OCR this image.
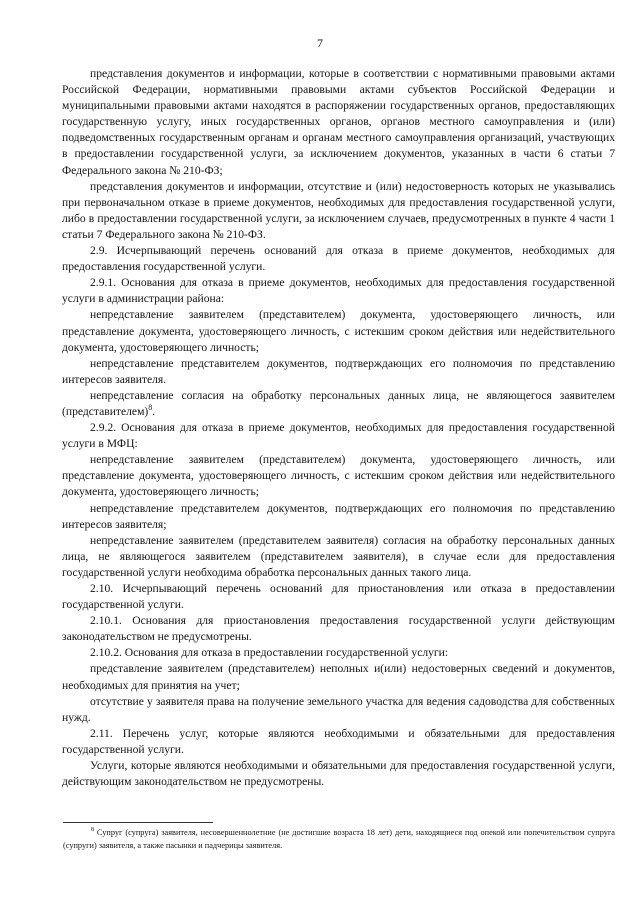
7

представления документов и информации, которые в соответствии с нормативными правовыми актами Российской Федерации, нормативными правовыми актами субъектов Российской Федерации и муниципальными правовыми актами находятся в распоряжении государственных органов, предоставляющих государственную услугу, иных государственных органов, органов местного самоуправления и (или) подведомственных государственным органам и органам местного самоуправления организаций, участвующих в предоставлении государственной услуги, за исключением документов, указанных в части 6 статьи 7 Федерального закона № 210-ФЗ;

представления документов и информации, отсутствие и (или) недостоверность которых не указывались при первоначальном отказе в приеме документов, необходимых для предоставления государственной услуги, либо в предоставлении государственной услуги, за исключением случаев, предусмотренных в пункте 4 части 1 статьи 7 Федерального закона № 210-ФЗ.

2.9. Исчерпывающий перечень оснований для отказа в приеме документов, необходимых для предоставления государственной услуги.

2.9.1. Основания для отказа в приеме документов, необходимых для предоставления государственной услуги в администрации района:

непредставление заявителем (представителем) документа, удостоверяющего личность, или представление документа, удостоверяющего личность, с истекшим сроком действия или недействительного документа, удостоверяющего личность;

непредставление представителем документов, подтверждающих его полномочия по представлению интересов заявителя.

непредставление согласия на обработку персональных данных лица, не являющегося заявителем (представителем)$^8$.

2.9.2. Основания для отказа в приеме документов, необходимых для предоставления государственной услуги в МФЦ:

непредставление заявителем (представителем) документа, удостоверяющего личность, или представление документа, удостоверяющего личность, с истекшим сроком действия или недействительного документа, удостоверяющего личность;

непредставление представителем документов, подтверждающих его полномочия по представлению интересов заявителя;

непредставление заявителем (представителем заявителя) согласия на обработку персональных данных лица, не являющегося заявителем (представителем заявителя), в случае если для предоставления государственной услуги необходима обработка персональных данных такого лица.

2.10. Исчерпывающий перечень оснований для приостановления или отказа в предоставлении государственной услуги.

2.10.1. Основания для приостановления предоставления государственной услуги действующим законодательством не предусмотрены.

2.10.2. Основания для отказа в предоставлении государственной услуги:

представление заявителем (представителем) неполных и(или) недостоверных сведений и документов, необходимых для принятия на учет;

отсутствие у заявителя права на получение земельного участка для ведения садоводства для собственных нужд.

2.11. Перечень услуг, которые являются необходимыми и обязательными для предоставления государственной услуги.

Услуги, которые являются необходимыми и обязательными для предоставления государственной услуги, действующим законодательством не предусмотрены.

$^8$ Супруг (супруга) заявителя, несовершеннолетние (не достигшие возраста 18 лет) дети, находящиеся под опекой или попечительством супруга (супруги) заявителя, а также пасынки и падчерицы заявителя.
